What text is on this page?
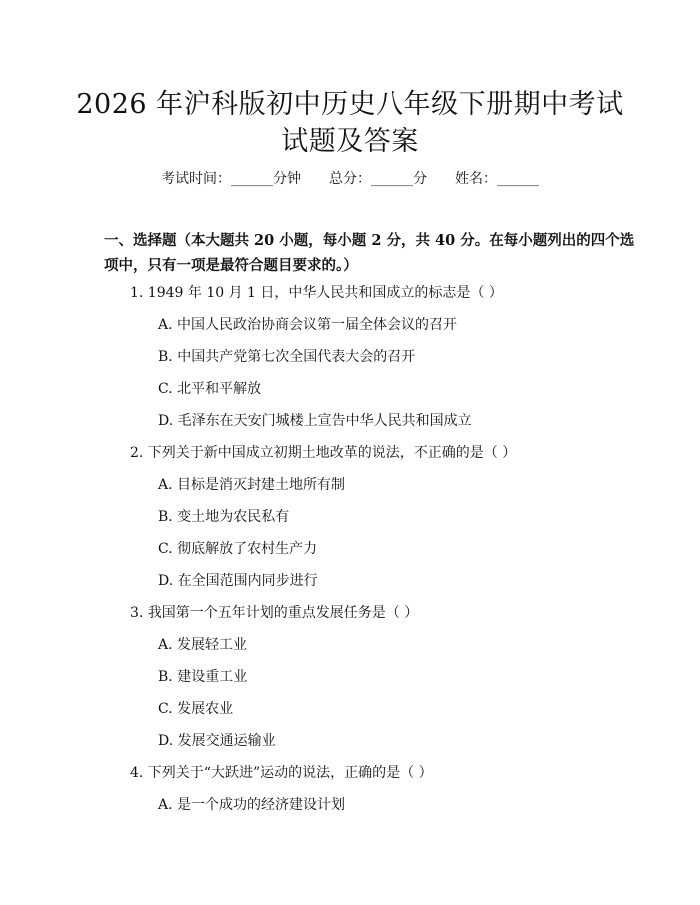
2026 年沪科版初中历史八年级下册期中考试
试题及答案
考试时间：______分钟 总分：______分 姓名：______
一、选择题（本大题共 20 小题，每小题 2 分，共 40 分。在每小题列出的四个选项中，只有一项是最符合题目要求的。）
1. 1949 年 10 月 1 日，中华人民共和国成立的标志是（ ）
A. 中国人民政治协商会议第一届全体会议的召开
B. 中国共产党第七次全国代表大会的召开
C. 北平和平解放
D. 毛泽东在天安门城楼上宣告中华人民共和国成立
2. 下列关于新中国成立初期土地改革的说法，不正确的是（ ）
A. 目标是消灭封建土地所有制
B. 变土地为农民私有
C. 彻底解放了农村生产力
D. 在全国范围内同步进行
3. 我国第一个五年计划的重点发展任务是（ ）
A. 发展轻工业
B. 建设重工业
C. 发展农业
D. 发展交通运输业
4. 下列关于“大跃进”运动的说法，正确的是（ ）
A. 是一个成功的经济建设计划
